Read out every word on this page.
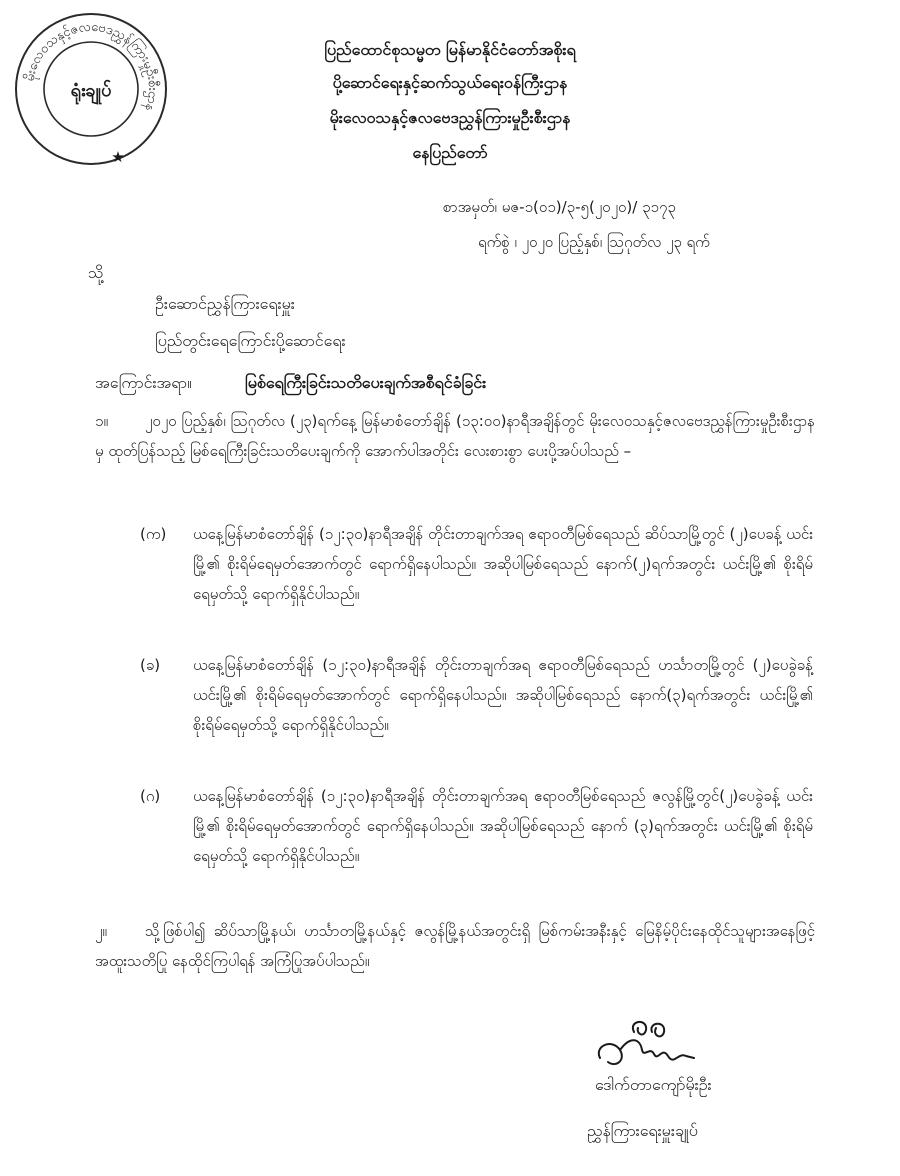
မိုးလေဝသနှင့်ဇလဗေဒညွှန်ကြားမှုဦးစီးဌာန
ရုံးချုပ်
★
ပြည်ထောင်စုသမ္မတ မြန်မာနိုင်ငံတော်အစိုးရ
ပို့ဆောင်ရေးနှင့်ဆက်သွယ်ရေးဝန်ကြီးဌာန
မိုးလေဝသနှင့်ဇလဗေဒညွှန်ကြားမှုဦးစီးဌာန
နေပြည်တော်
စာအမှတ်၊ မဇ-၁(၀၁)/၃-၅(၂၀၂၀)/ ၃၁၇၃
ရက်စွဲ ၊ ၂၀၂၀ ပြည့်နှစ်၊ ဩဂုတ်လ ၂၃ ရက်
သို့
ဦးဆောင်ညွှန်ကြားရေးမှူး
ပြည်တွင်းရေကြောင်းပို့ဆောင်ရေး
အကြောင်းအရာ။	မြစ်ရေကြီးခြင်းသတိပေးချက်အစီရင်ခံခြင်း
၁။	၂၀၂၀ ပြည့်နှစ်၊ ဩဂုတ်လ (၂၃)ရက်နေ့ မြန်မာစံတော်ချိန် (၁၃:၀၀)နာရီအချိန်တွင် မိုးလေဝသနှင့်ဇလဗေဒညွှန်ကြားမှုဦးစီးဌာနမှ ထုတ်ပြန်သည့် မြစ်ရေကြီးခြင်းသတိပေးချက်ကို အောက်ပါအတိုင်း လေးစားစွာ ပေးပို့အပ်ပါသည် –
(က) ယနေ့မြန်မာစံတော်ချိန် (၁၂:၃၀)နာရီအချိန် တိုင်းတာချက်အရ ဧရာဝတီမြစ်ရေသည် ဆိပ်သာမြို့တွင် (၂)ပေခန့် ယင်းမြို့၏ စိုးရိမ်ရေမှတ်အောက်တွင် ရောက်ရှိနေပါသည်။ အဆိုပါမြစ်ရေသည် နောက်(၂)ရက်အတွင်း ယင်းမြို့၏ စိုးရိမ်ရေမှတ်သို့ ရောက်ရှိနိုင်ပါသည်။
(ခ) ယနေ့မြန်မာစံတော်ချိန် (၁၂:၃၀)နာရီအချိန် တိုင်းတာချက်အရ ဧရာဝတီမြစ်ရေသည် ဟင်္သာတမြို့တွင် (၂)ပေခွဲခန့် ယင်းမြို့၏ စိုးရိမ်ရေမှတ်အောက်တွင် ရောက်ရှိနေပါသည်။ အဆိုပါမြစ်ရေသည် နောက်(၃)ရက်အတွင်း ယင်းမြို့၏ စိုးရိမ်ရေမှတ်သို့ ရောက်ရှိနိုင်ပါသည်။
(ဂ) ယနေ့မြန်မာစံတော်ချိန် (၁၂:၃၀)နာရီအချိန် တိုင်းတာချက်အရ ဧရာဝတီမြစ်ရေသည် ဇလွန်မြို့တွင်(၂)ပေခွဲခန့် ယင်းမြို့၏ စိုးရိမ်ရေမှတ်အောက်တွင် ရောက်ရှိနေပါသည်။ အဆိုပါမြစ်ရေသည် နောက် (၃)ရက်အတွင်း ယင်းမြို့၏ စိုးရိမ်ရေမှတ်သို့ ရောက်ရှိနိုင်ပါသည်။
၂။	သို့ဖြစ်ပါ၍ ဆိပ်သာမြို့နယ်၊ ဟင်္သာတမြို့နယ်နှင့် ဇလွန်မြို့နယ်အတွင်းရှိ မြစ်ကမ်းအနီးနှင့် မြေနိမ့်ပိုင်းနေထိုင်သူများအနေဖြင့် အထူးသတိပြု နေထိုင်ကြပါရန် အကြံပြုအပ်ပါသည်။
ဒေါက်တာကျော်မိုးဦး
ညွှန်ကြားရေးမှူးချုပ်
